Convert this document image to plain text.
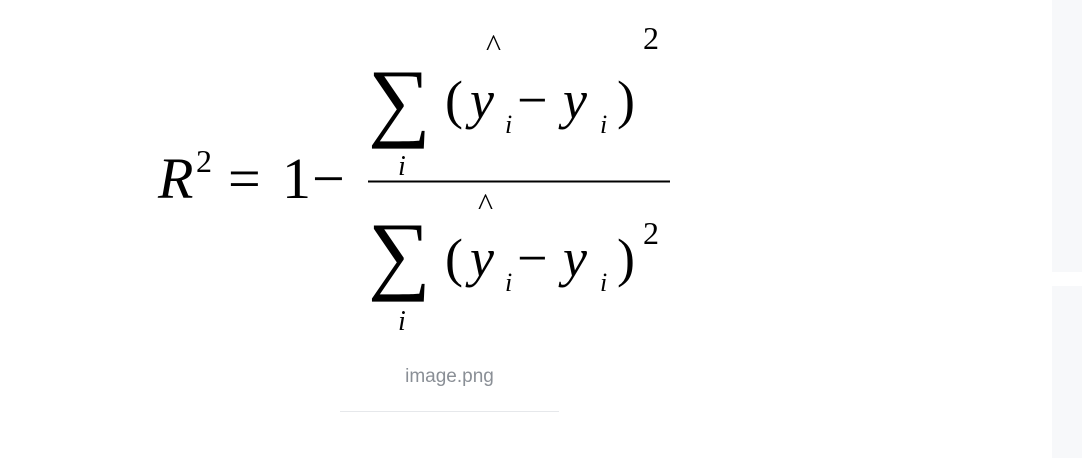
R 2 = 1 −
∑
i
(
^
y i − y i )
2
∑
i
(
^
y i − y i ) 2
image.png
